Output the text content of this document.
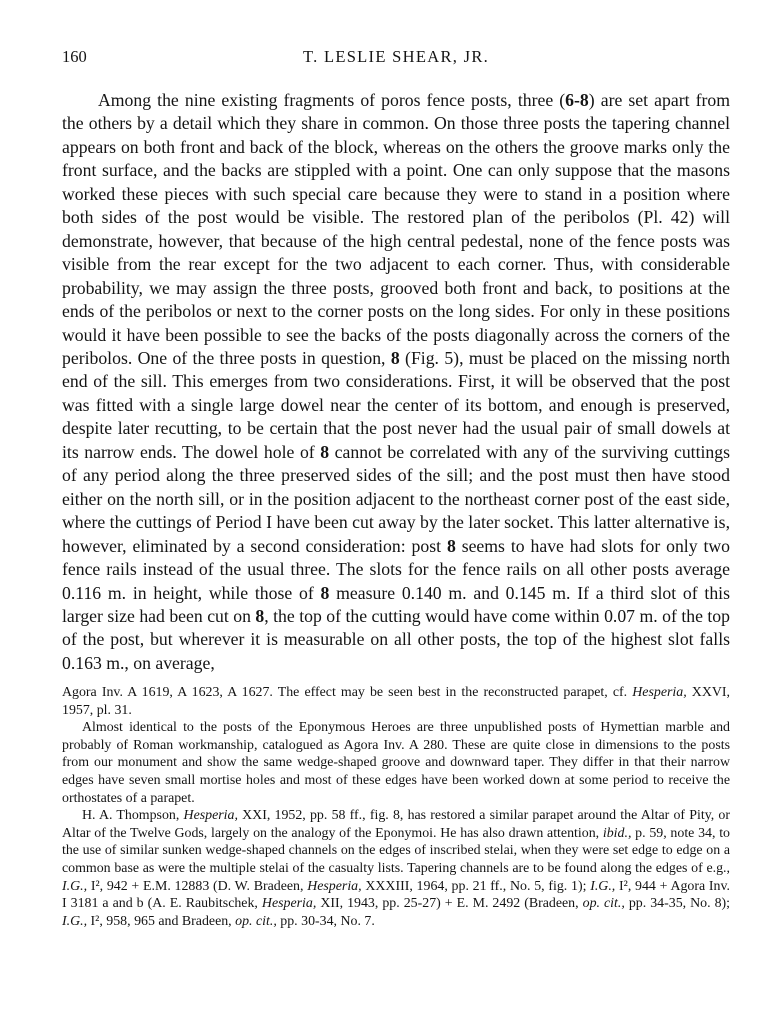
160	T. LESLIE SHEAR, JR.

Among the nine existing fragments of poros fence posts, three (6-8) are set apart from the others by a detail which they share in common. On those three posts the tapering channel appears on both front and back of the block, whereas on the others the groove marks only the front surface, and the backs are stippled with a point. One can only suppose that the masons worked these pieces with such special care because they were to stand in a position where both sides of the post would be visible. The restored plan of the peribolos (Pl. 42) will demonstrate, however, that because of the high central pedestal, none of the fence posts was visible from the rear except for the two adjacent to each corner. Thus, with considerable probability, we may assign the three posts, grooved both front and back, to positions at the ends of the peribolos or next to the corner posts on the long sides. For only in these positions would it have been possible to see the backs of the posts diagonally across the corners of the peribolos. One of the three posts in question, 8 (Fig. 5), must be placed on the missing north end of the sill. This emerges from two considerations. First, it will be observed that the post was fitted with a single large dowel near the center of its bottom, and enough is preserved, despite later recutting, to be certain that the post never had the usual pair of small dowels at its narrow ends. The dowel hole of 8 cannot be correlated with any of the surviving cuttings of any period along the three preserved sides of the sill; and the post must then have stood either on the north sill, or in the position adjacent to the northeast corner post of the east side, where the cuttings of Period I have been cut away by the later socket. This latter alternative is, however, eliminated by a second consideration: post 8 seems to have had slots for only two fence rails instead of the usual three. The slots for the fence rails on all other posts average 0.116 m. in height, while those of 8 measure 0.140 m. and 0.145 m. If a third slot of this larger size had been cut on 8, the top of the cutting would have come within 0.07 m. of the top of the post, but wherever it is measurable on all other posts, the top of the highest slot falls 0.163 m., on average,

Agora Inv. A 1619, A 1623, A 1627. The effect may be seen best in the reconstructed parapet, cf. Hesperia, XXVI, 1957, pl. 31.

Almost identical to the posts of the Eponymous Heroes are three unpublished posts of Hymettian marble and probably of Roman workmanship, catalogued as Agora Inv. A 280. These are quite close in dimensions to the posts from our monument and show the same wedge-shaped groove and downward taper. They differ in that their narrow edges have seven small mortise holes and most of these edges have been worked down at some period to receive the orthostates of a parapet.

H. A. Thompson, Hesperia, XXI, 1952, pp. 58 ff., fig. 8, has restored a similar parapet around the Altar of Pity, or Altar of the Twelve Gods, largely on the analogy of the Eponymoi. He has also drawn attention, ibid., p. 59, note 34, to the use of similar sunken wedge-shaped channels on the edges of inscribed stelai, when they were set edge to edge on a common base as were the multiple stelai of the casualty lists. Tapering channels are to be found along the edges of e.g., I.G., I², 942 + E.M. 12883 (D. W. Bradeen, Hesperia, XXXIII, 1964, pp. 21 ff., No. 5, fig. 1); I.G., I², 944 + Agora Inv. I 3181 a and b (A. E. Raubitschek, Hesperia, XII, 1943, pp. 25-27) + E. M. 2492 (Bradeen, op. cit., pp. 34-35, No. 8); I.G., I², 958, 965 and Bradeen, op. cit., pp. 30-34, No. 7.
